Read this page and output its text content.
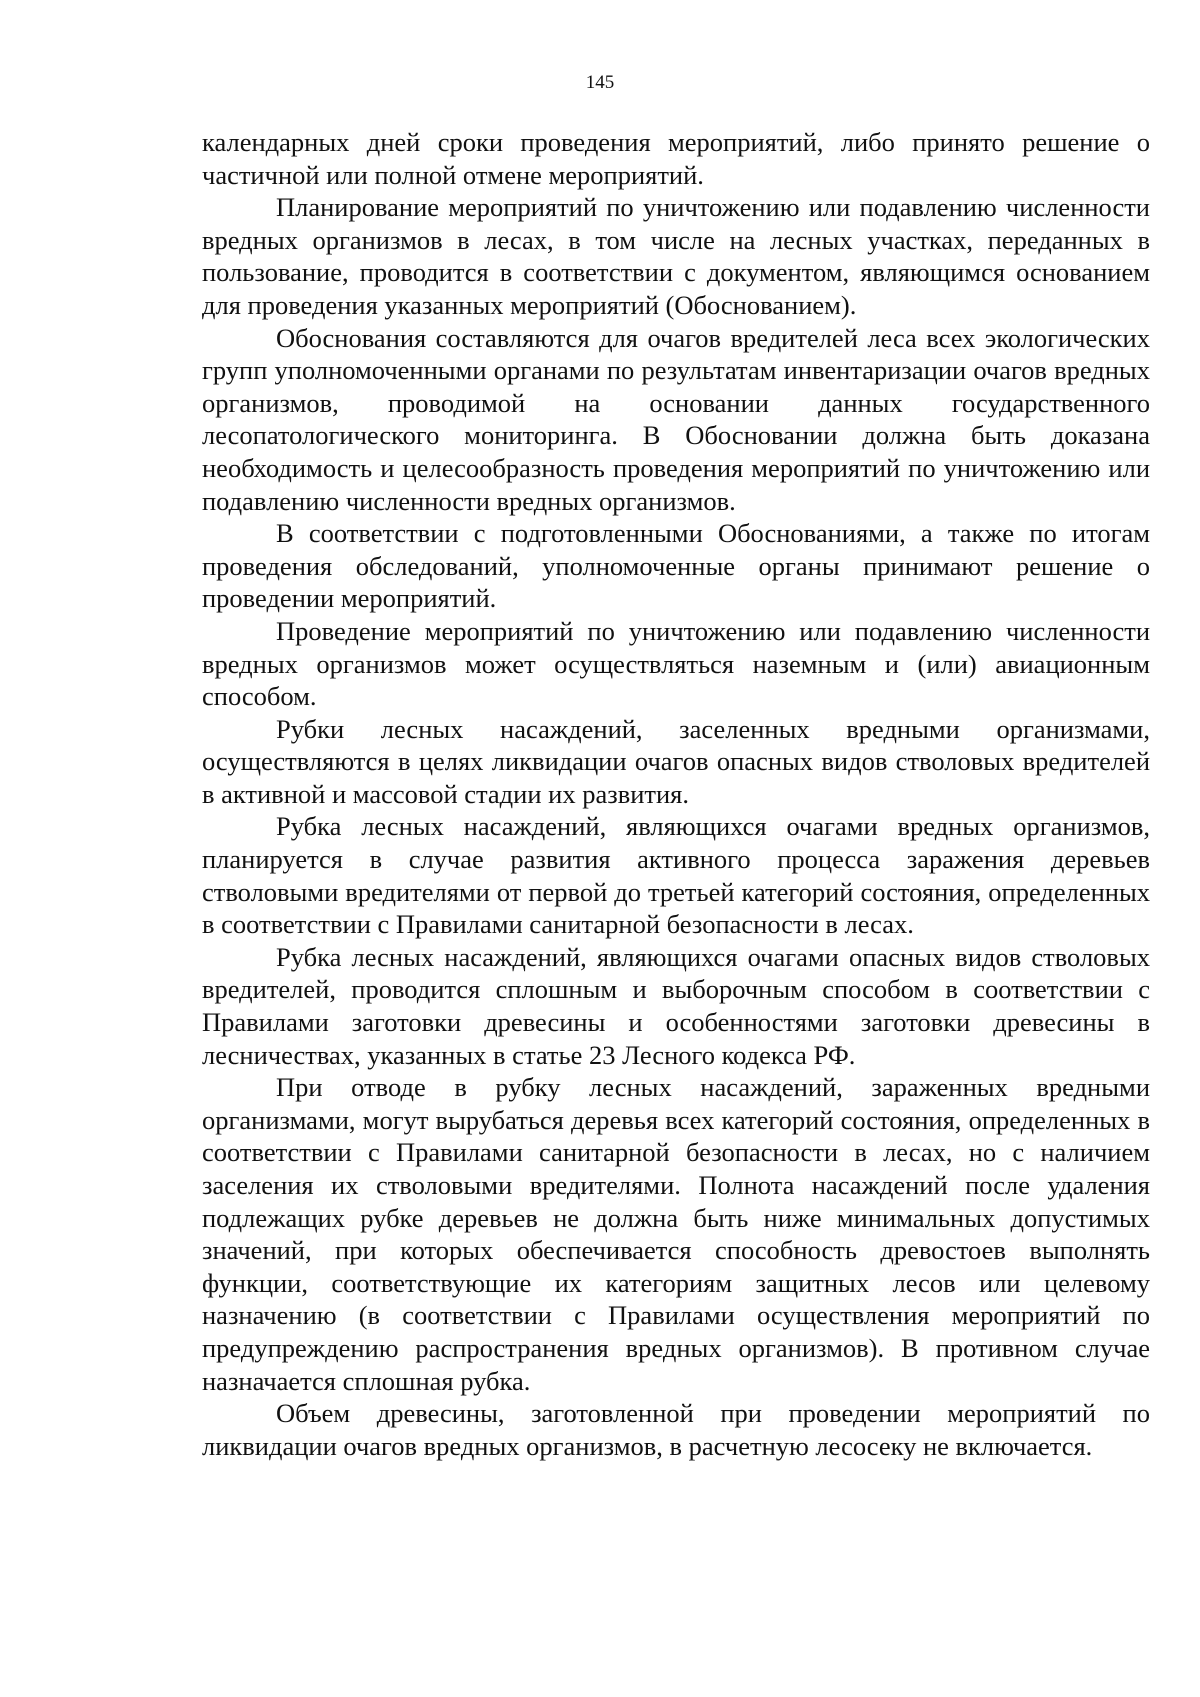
145

календарных дней сроки проведения мероприятий, либо принято решение о частичной или полной отмене мероприятий.

Планирование мероприятий по уничтожению или подавлению численности вредных организмов в лесах, в том числе на лесных участках, переданных в пользование, проводится в соответствии с документом, являющимся основанием для проведения указанных мероприятий (Обоснованием).

Обоснования составляются для очагов вредителей леса всех экологических групп уполномоченными органами по результатам инвентаризации очагов вредных организмов, проводимой на основании данных государственного лесопатологического мониторинга. В Обосновании должна быть доказана необходимость и целесообразность проведения мероприятий по уничтожению или подавлению численности вредных организмов.

В соответствии с подготовленными Обоснованиями, а также по итогам проведения обследований, уполномоченные органы принимают решение о проведении мероприятий.

Проведение мероприятий по уничтожению или подавлению численности вредных организмов может осуществляться наземным и (или) авиационным способом.

Рубки лесных насаждений, заселенных вредными организмами, осуществляются в целях ликвидации очагов опасных видов стволовых вредителей в активной и массовой стадии их развития.

Рубка лесных насаждений, являющихся очагами вредных организмов, планируется в случае развития активного процесса заражения деревьев стволовыми вредителями от первой до третьей категорий состояния, определенных в соответствии с Правилами санитарной безопасности в лесах.

Рубка лесных насаждений, являющихся очагами опасных видов стволовых вредителей, проводится сплошным и выборочным способом в соответствии с Правилами заготовки древесины и особенностями заготовки древесины в лесничествах, указанных в статье 23 Лесного кодекса РФ.

При отводе в рубку лесных насаждений, зараженных вредными организмами, могут вырубаться деревья всех категорий состояния, определенных в соответствии с Правилами санитарной безопасности в лесах, но с наличием заселения их стволовыми вредителями. Полнота насаждений после удаления подлежащих рубке деревьев не должна быть ниже минимальных допустимых значений, при которых обеспечивается способность древостоев выполнять функции, соответствующие их категориям защитных лесов или целевому назначению (в соответствии с Правилами осуществления мероприятий по предупреждению распространения вредных организмов). В противном случае назначается сплошная рубка.

Объем древесины, заготовленной при проведении мероприятий по ликвидации очагов вредных организмов, в расчетную лесосеку не включается.
